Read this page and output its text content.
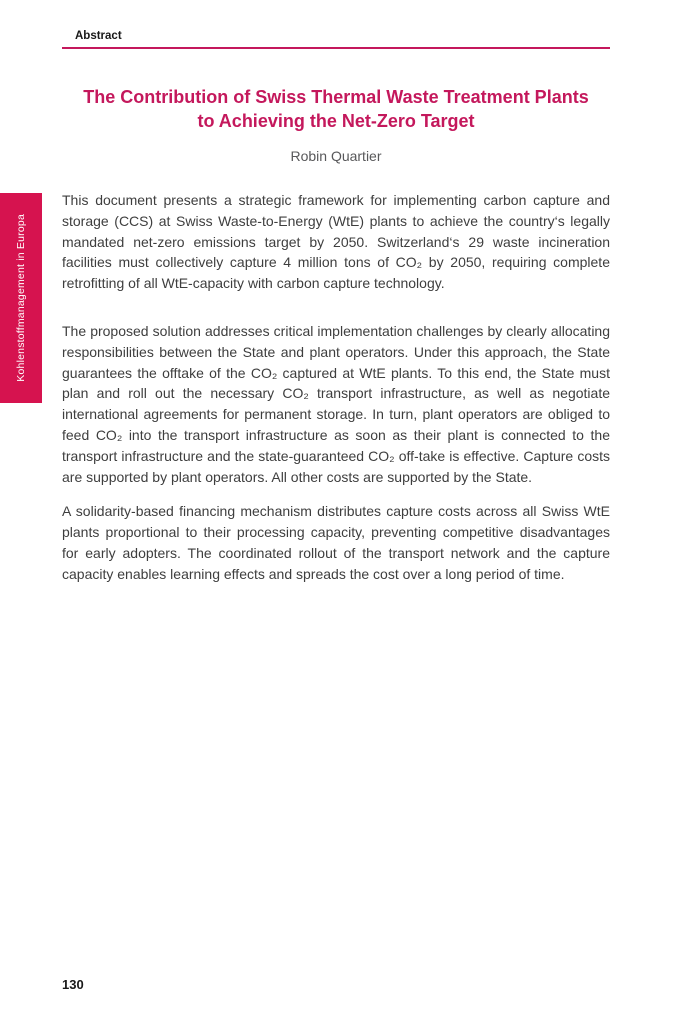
Abstract
The Contribution of Swiss Thermal Waste Treatment Plants
to Achieving the Net-Zero Target
Robin Quartier
Kohlenstoffmanagement in Europa

This document presents a strategic framework for implementing carbon capture and storage (CCS) at Swiss Waste-to-Energy (WtE) plants to achieve the country‘s legally mandated net-zero emissions target by 2050. Switzerland‘s 29 waste incineration facilities must collectively capture 4 million tons of CO₂ by 2050, requiring complete retrofitting of all WtE-capacity with carbon capture technology.

The proposed solution addresses critical implementation challenges by clearly allocating responsibilities between the State and plant operators. Under this approach, the State guarantees the offtake of the CO₂ captured at WtE plants. To this end, the State must plan and roll out the necessary CO₂ transport infrastructure, as well as negotiate international agreements for permanent storage. In turn, plant operators are obliged to feed CO₂ into the transport infrastructure as soon as their plant is connected to the transport infrastructure and the state-guaranteed CO₂ off-take is effective. Capture costs are supported by plant operators. All other costs are supported by the State.

A solidarity-based financing mechanism distributes capture costs across all Swiss WtE plants proportional to their processing capacity, preventing competitive disadvantages for early adopters. The coordinated rollout of the transport network and the capture capacity enables learning effects and spreads the cost over a long period of time.

130
